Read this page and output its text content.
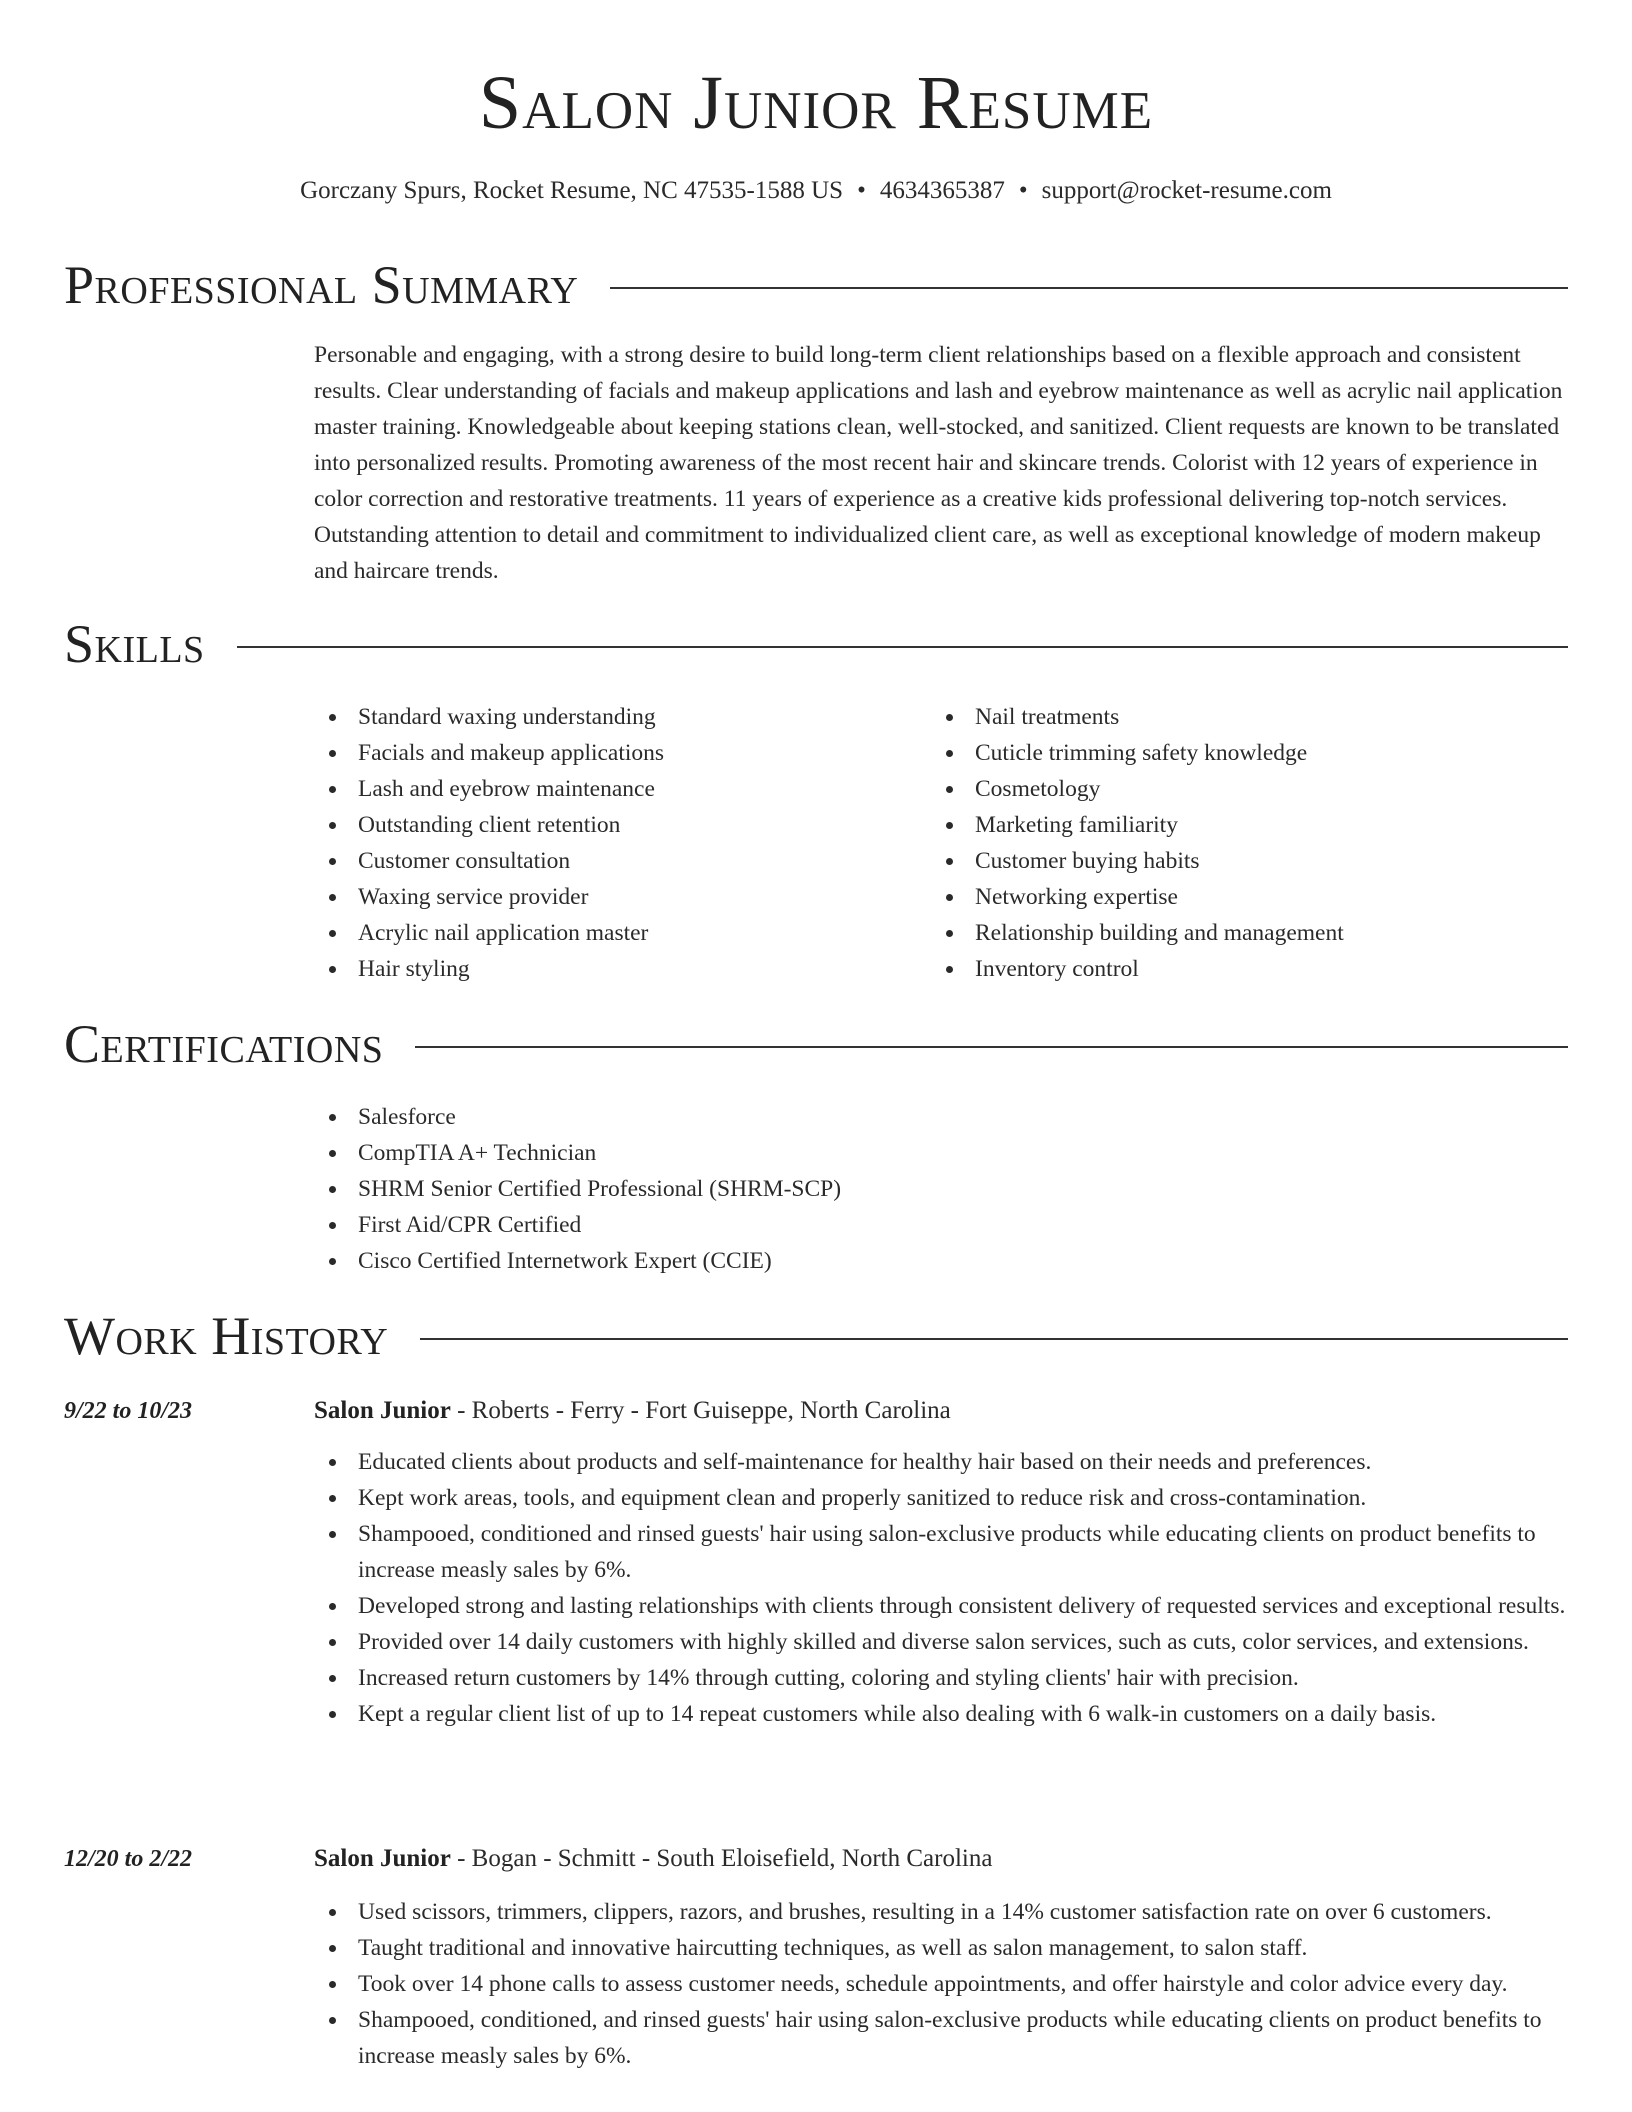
Salon Junior Resume
Gorczany Spurs, Rocket Resume, NC 47535-1588 US • 4634365387 • support@rocket-resume.com
Professional Summary

Personable and engaging, with a strong desire to build long-term client relationships based on a flexible approach and consistent results. Clear understanding of facials and makeup applications and lash and eyebrow maintenance as well as acrylic nail application master training. Knowledgeable about keeping stations clean, well-stocked, and sanitized. Client requests are known to be translated into personalized results. Promoting awareness of the most recent hair and skincare trends. Colorist with 12 years of experience in color correction and restorative treatments. 11 years of experience as a creative kids professional delivering top-notch services. Outstanding attention to detail and commitment to individualized client care, as well as exceptional knowledge of modern makeup and haircare trends.

Skills
Standard waxing understanding
Facials and makeup applications
Lash and eyebrow maintenance
Outstanding client retention
Customer consultation
Waxing service provider
Acrylic nail application master
Hair styling
Nail treatments
Cuticle trimming safety knowledge
Cosmetology
Marketing familiarity
Customer buying habits
Networking expertise
Relationship building and management
Inventory control
Certifications
Salesforce
CompTIA A+ Technician
SHRM Senior Certified Professional (SHRM-SCP)
First Aid/CPR Certified
Cisco Certified Internetwork Expert (CCIE)
Work History
9/22 to 10/23	Salon Junior - Roberts - Ferry - Fort Guiseppe, North Carolina
Educated clients about products and self-maintenance for healthy hair based on their needs and preferences.
Kept work areas, tools, and equipment clean and properly sanitized to reduce risk and cross-contamination.
Shampooed, conditioned and rinsed guests' hair using salon-exclusive products while educating clients on product benefits to increase measly sales by 6%.
Developed strong and lasting relationships with clients through consistent delivery of requested services and exceptional results.
Provided over 14 daily customers with highly skilled and diverse salon services, such as cuts, color services, and extensions.
Increased return customers by 14% through cutting, coloring and styling clients' hair with precision.
Kept a regular client list of up to 14 repeat customers while also dealing with 6 walk-in customers on a daily basis.
12/20 to 2/22	Salon Junior - Bogan - Schmitt - South Eloisefield, North Carolina
Used scissors, trimmers, clippers, razors, and brushes, resulting in a 14% customer satisfaction rate on over 6 customers.
Taught traditional and innovative haircutting techniques, as well as salon management, to salon staff.
Took over 14 phone calls to assess customer needs, schedule appointments, and offer hairstyle and color advice every day.
Shampooed, conditioned, and rinsed guests' hair using salon-exclusive products while educating clients on product benefits to increase measly sales by 6%.
